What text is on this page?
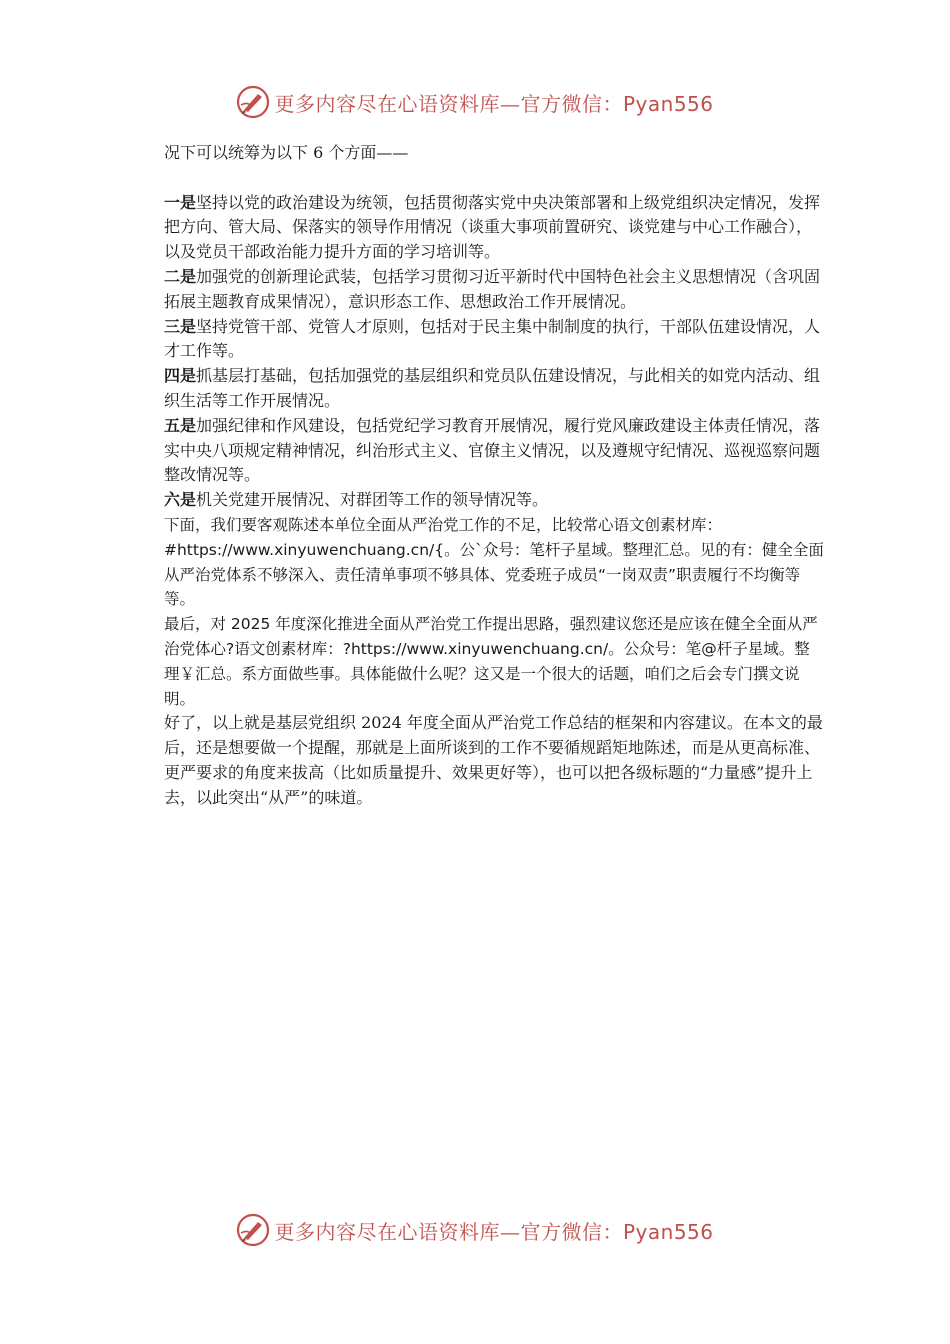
更多内容尽在心语资料库—官方微信：Pyan556

况下可以统筹为以下 6 个方面——

一是坚持以党的政治建设为统领，包括贯彻落实党中央决策部署和上级党组织决定情况，发挥把方向、管大局、保落实的领导作用情况（谈重大事项前置研究、谈党建与中心工作融合），以及党员干部政治能力提升方面的学习培训等。

二是加强党的创新理论武装，包括学习贯彻习近平新时代中国特色社会主义思想情况（含巩固拓展主题教育成果情况），意识形态工作、思想政治工作开展情况。

三是坚持党管干部、党管人才原则，包括对于民主集中制制度的执行，干部队伍建设情况，人才工作等。

四是抓基层打基础，包括加强党的基层组织和党员队伍建设情况，与此相关的如党内活动、组织生活等工作开展情况。

五是加强纪律和作风建设，包括党纪学习教育开展情况，履行党风廉政建设主体责任情况，落实中央八项规定精神情况，纠治形式主义、官僚主义情况，以及遵规守纪情况、巡视巡察问题整改情况等。

六是机关党建开展情况、对群团等工作的领导情况等。

下面，我们要客观陈述本单位全面从严治党工作的不足，比较常心语文创素材库：#https://www.xinyuwenchuang.cn/{。公`众号：笔杆子星域。整理汇总。见的有：健全全面从严治党体系不够深入、责任清单事项不够具体、党委班子成员“一岗双责”职责履行不均衡等等。

最后，对 2025 年度深化推进全面从严治党工作提出思路，强烈建议您还是应该在健全全面从严治党体心?语文创素材库：?https://www.xinyuwenchuang.cn/。公众号：笔@杆子星域。整理￥汇总。系方面做些事。具体能做什么呢？这又是一个很大的话题，咱们之后会专门撰文说明。

好了，以上就是基层党组织 2024 年度全面从严治党工作总结的框架和内容建议。在本文的最后，还是想要做一个提醒，那就是上面所谈到的工作不要循规蹈矩地陈述，而是从更高标准、更严要求的角度来拔高（比如质量提升、效果更好等），也可以把各级标题的“力量感”提升上去，以此突出“从严”的味道。

更多内容尽在心语资料库—官方微信：Pyan556
